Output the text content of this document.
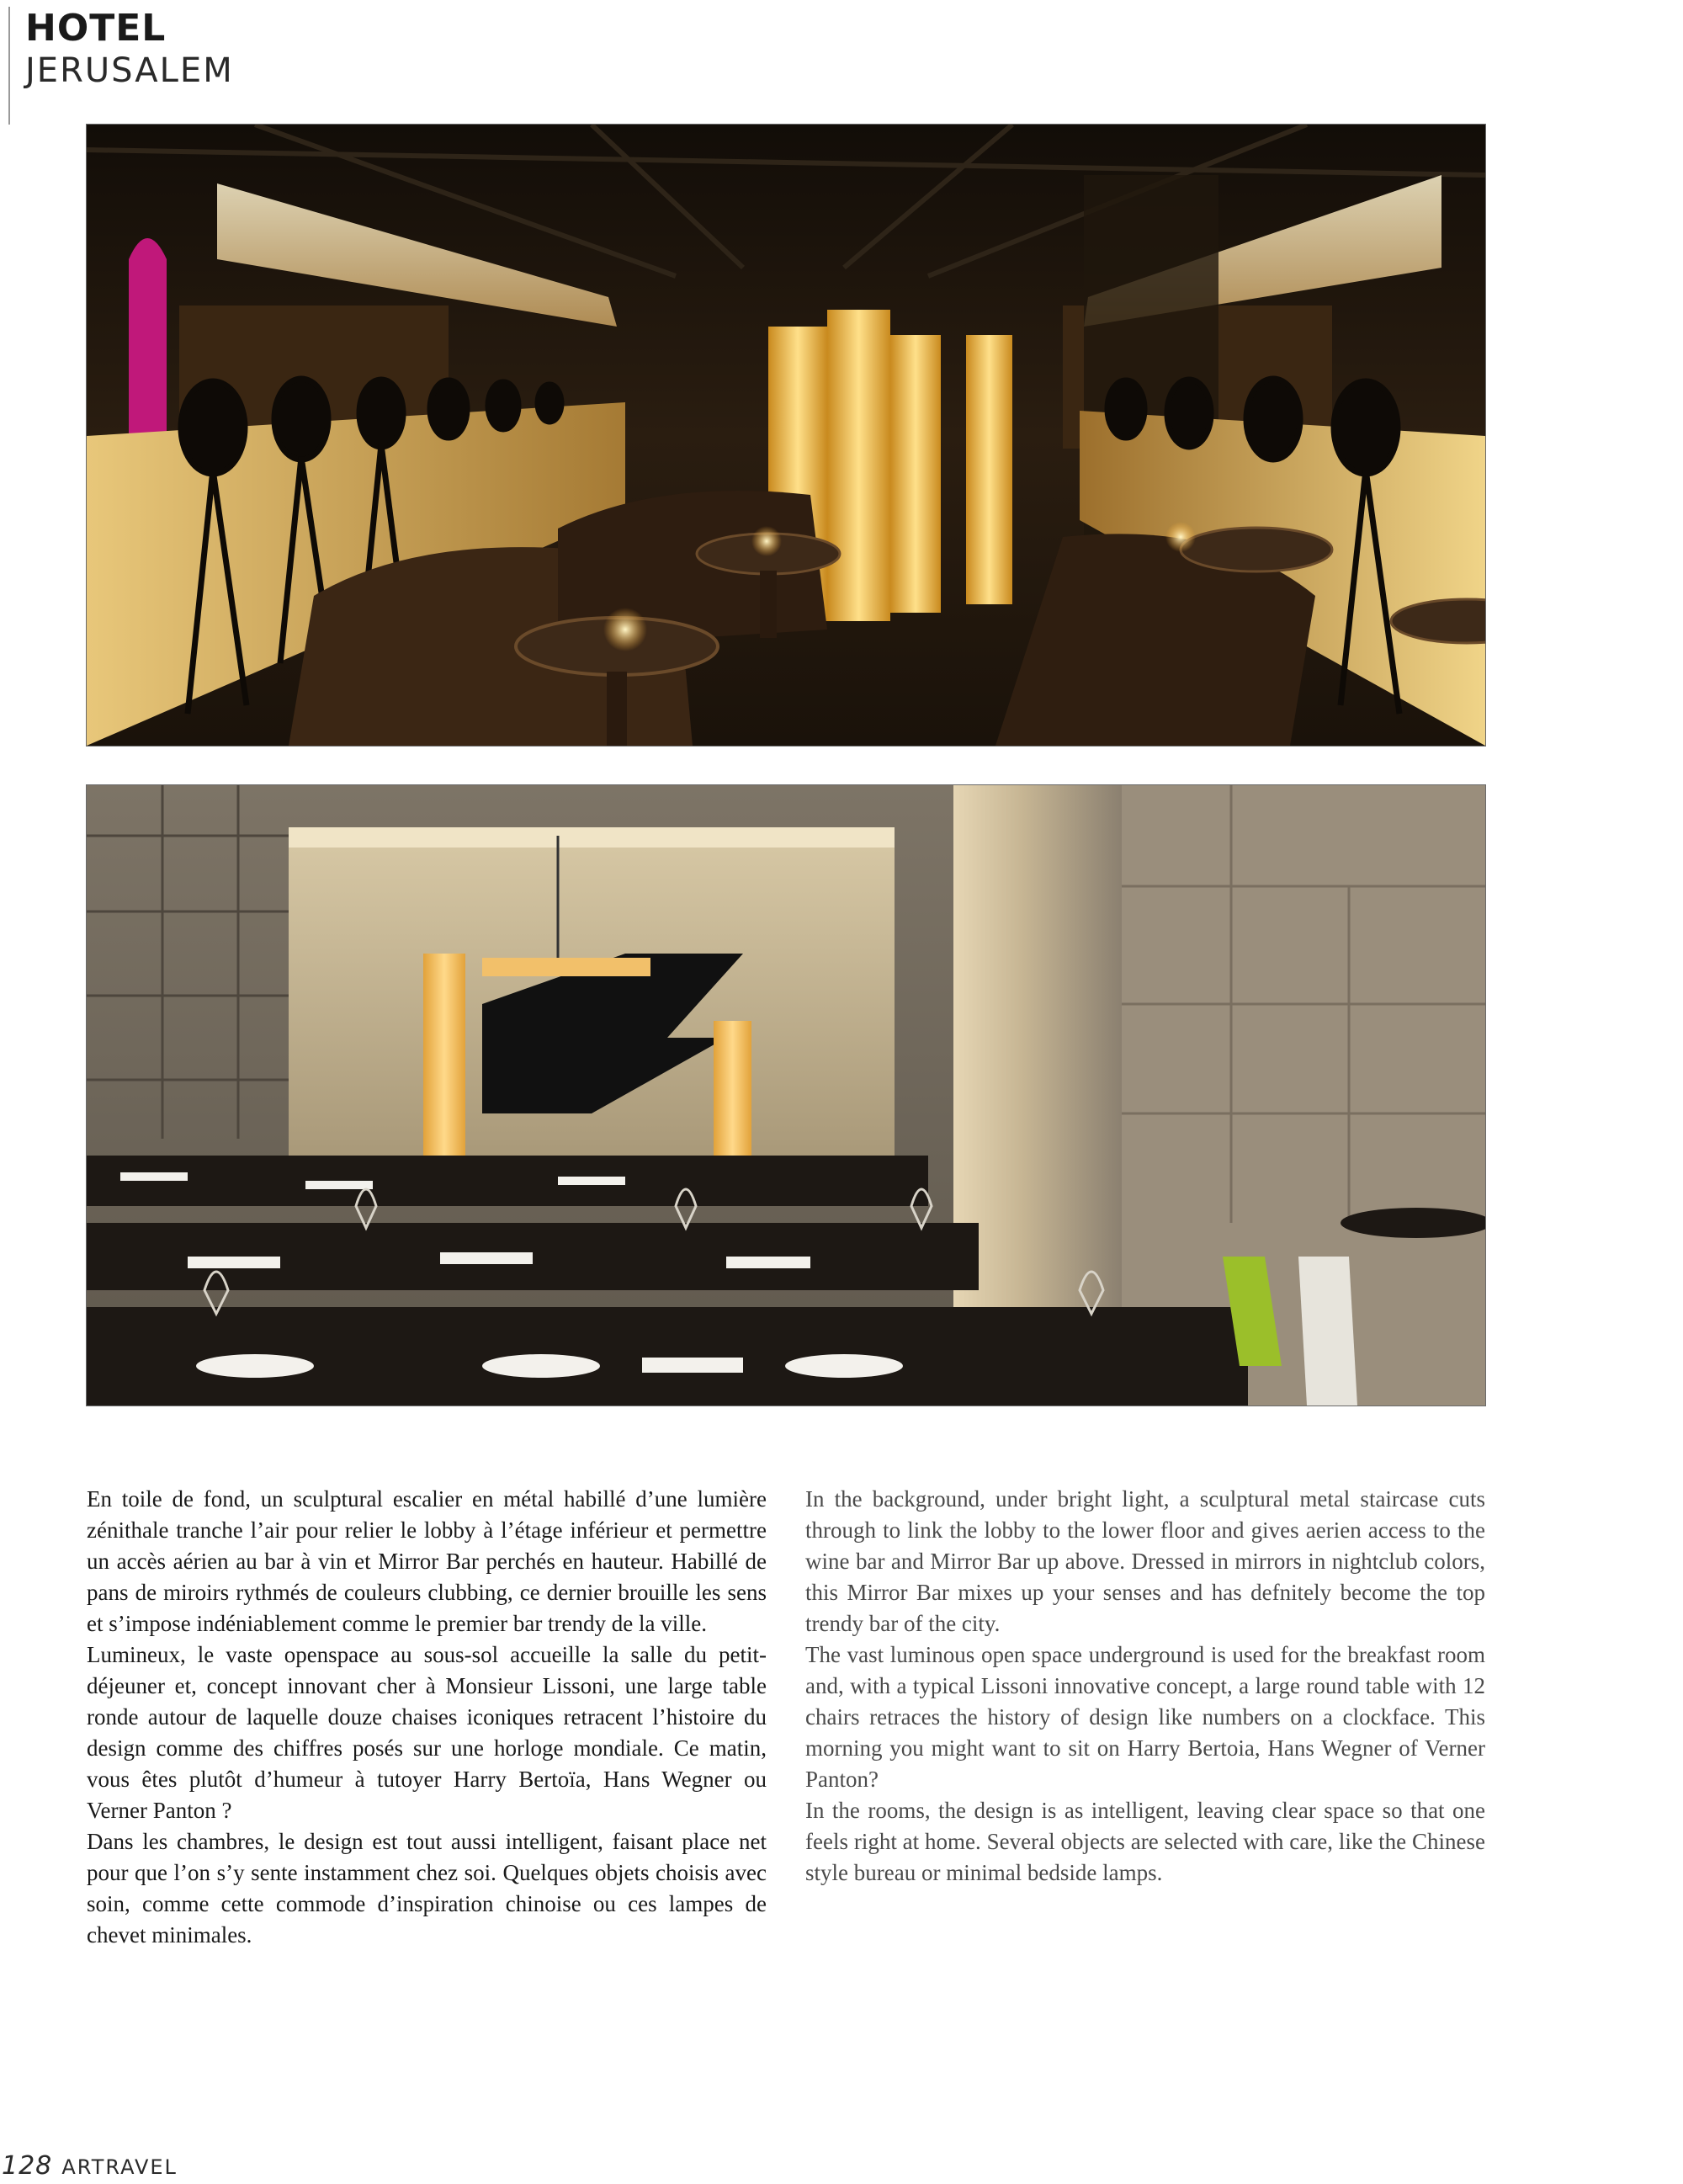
HOTEL
JERUSALEM

En toile de fond, un sculptural escalier en métal habillé d’une lumière zénithale tranche l’air pour relier le lobby à l’étage inférieur et permettre un accès aérien au bar à vin et Mirror Bar perchés en hauteur. Habillé de pans de miroirs rythmés de couleurs clubbing, ce dernier brouille les sens et s’impose indéniablement comme le premier bar trendy de la ville.

Lumineux, le vaste openspace au sous-sol accueille la salle du petit-déjeuner et, concept innovant cher à Monsieur Lissoni, une large table ronde autour de laquelle douze chaises iconiques retracent l’histoire du design comme des chiffres posés sur une horloge mondiale. Ce matin, vous êtes plutôt d’humeur à tutoyer Harry Bertoïa, Hans Wegner ou Verner Panton ?

Dans les chambres, le design est tout aussi intelligent, faisant place net pour que l’on s’y sente instamment chez soi. Quelques objets choisis avec soin, comme cette commode d’inspiration chinoise ou ces lampes de chevet minimales.

In the background, under bright light, a sculptural metal staircase cuts through to link the lobby to the lower floor and gives aerien access to the wine bar and Mirror Bar up above. Dressed in mirrors in nightclub colors, this Mirror Bar mixes up your senses and has defnitely become the top trendy bar of the city.

The vast luminous open space underground is used for the breakfast room and, with a typical Lissoni innovative concept, a large round table with 12 chairs retraces the history of design like numbers on a clockface. This morning you might want to sit on Harry Bertoia, Hans Wegner of Verner Panton?

In the rooms, the design is as intelligent, leaving clear space so that one feels right at home. Several objects are selected with care, like the Chinese style bureau or minimal bedside lamps.

128 ARTRAVEL
